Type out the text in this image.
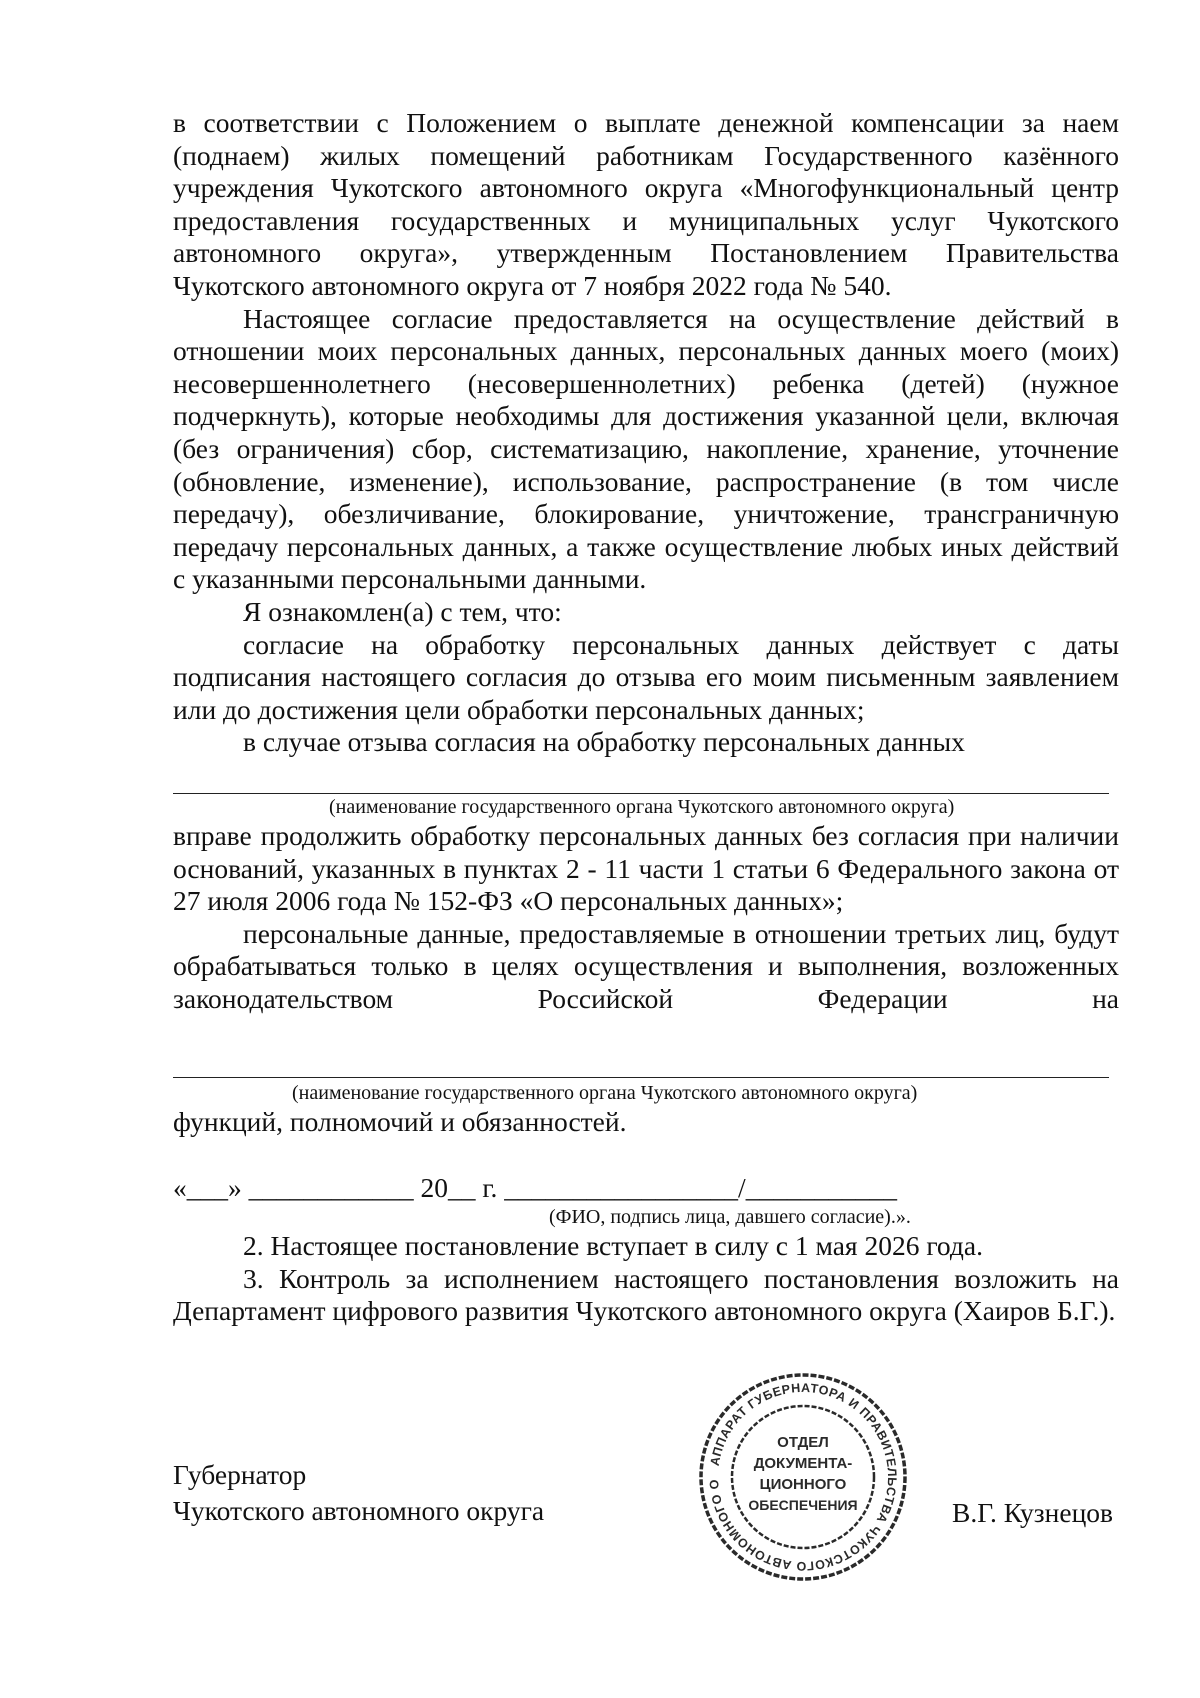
в соответствии с Положением о выплате денежной компенсации за наем (поднаем) жилых помещений работникам Государственного казённого учреждения Чукотского автономного округа «Многофункциональный центр предоставления государственных и муниципальных услуг Чукотского автономного округа», утвержденным Постановлением Правительства Чукотского автономного округа от 7 ноября 2022 года № 540.

Настоящее согласие предоставляется на осуществление действий в отношении моих персональных данных, персональных данных моего (моих) несовершеннолетнего (несовершеннолетних) ребенка (детей) (нужное подчеркнуть), которые необходимы для достижения указанной цели, включая (без ограничения) сбор, систематизацию, накопление, хранение, уточнение (обновление, изменение), использование, распространение (в том числе передачу), обезличивание, блокирование, уничтожение, трансграничную передачу персональных данных, а также осуществление любых иных действий с указанными персональными данными.

Я ознакомлен(а) с тем, что:

согласие на обработку персональных данных действует с даты подписания настоящего согласия до отзыва его моим письменным заявлением или до достижения цели обработки персональных данных;

в случае отзыва согласия на обработку персональных данных

(наименование государственного органа Чукотского автономного округа)

вправе продолжить обработку персональных данных без согласия при наличии оснований, указанных в пунктах 2 - 11 части 1 статьи 6 Федерального закона от 27 июля 2006 года № 152-ФЗ «О персональных данных»;

персональные данные, предоставляемые в отношении третьих лиц, будут обрабатываться только в целях осуществления и выполнения, возложенных законодательством Российской Федерации на

(наименование государственного органа Чукотского автономного округа)
функций, полномочий и обязанностей.
«___» ____________ 20__ г. _________________/___________
(ФИО, подпись лица, давшего согласие).».

2. Настоящее постановление вступает в силу с 1 мая 2026 года.

3. Контроль за исполнением настоящего постановления возложить на Департамент цифрового развития Чукотского автономного округа (Хаиров Б.Г.).

Губернатор
Чукотского автономного округа	В.Г. Кузнецов
АППАРАТ ГУБЕРНАТОРА И ПРАВИТЕЛЬСТВА ЧУКОТСКОГО АВТОНОМНОГО О
ОТДЕЛ
ДОКУМЕНТА-
ЦИОННОГО
ОБЕСПЕЧЕНИЯ
